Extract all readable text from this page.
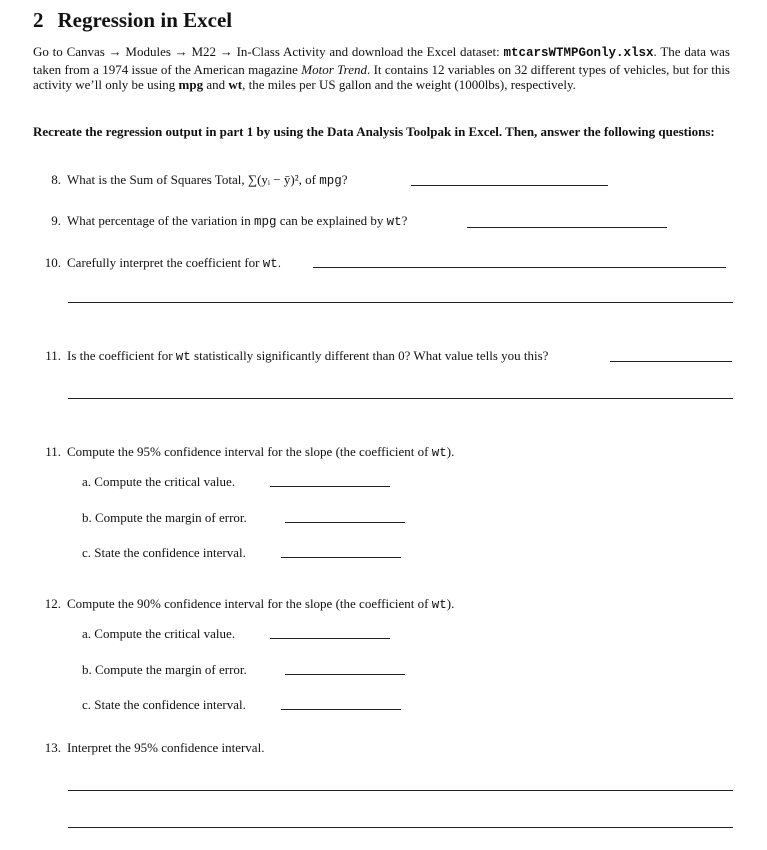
2 Regression in Excel
Go to Canvas → Modules → M22 → In-Class Activity and download the Excel dataset: mtcarsWTMPGonly.xlsx. The data was taken from a 1974 issue of the American magazine Motor Trend. It contains 12 variables on 32 different types of vehicles, but for this activity we’ll only be using mpg and wt, the miles per US gallon and the weight (1000lbs), respectively.
Recreate the regression output in part 1 by using the Data Analysis Toolpak in Excel. Then, answer the following questions:
8. What is the Sum of Squares Total, ∑(yᵢ − ȳ)², of mpg?
9. What percentage of the variation in mpg can be explained by wt?
10. Carefully interpret the coefficient for wt.
11. Is the coefficient for wt statistically significantly different than 0? What value tells you this?
11. Compute the 95% confidence interval for the slope (the coefficient of wt).
a. Compute the critical value.
b. Compute the margin of error.
c. State the confidence interval.
12. Compute the 90% confidence interval for the slope (the coefficient of wt).
a. Compute the critical value.
b. Compute the margin of error.
c. State the confidence interval.
13. Interpret the 95% confidence interval.
